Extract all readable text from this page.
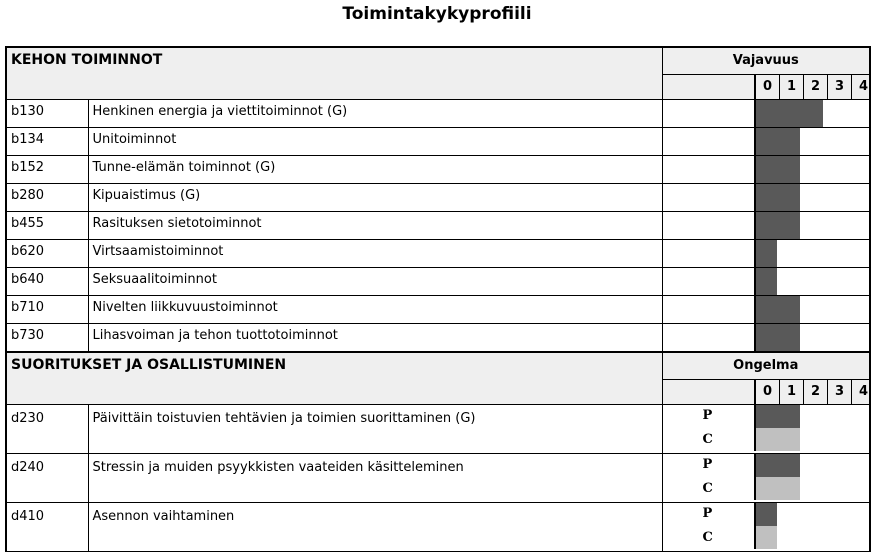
Toimintakykyprofiili
KEHON TOIMINNOT		Vajavuus	

			0 1 2 3 4

b130	Henkinen energia ja viettitoiminnot (G)		

b134	Unitoiminnot		

b152	Tunne-elämän toiminnot (G)		

b280	Kipuaistimus (G)		

b455	Rasituksen sietotoiminnot		

b620	Virtsaamistoiminnot		

b640	Seksuaalitoiminnot		

b710	Nivelten liikkuvuustoiminnot		

b730	Lihasvoiman ja tehon tuottotoiminnot		

SUORITUKSET JA OSALLISTUMINEN		Ongelma	

			0 1 2 3 4

d230	Päivittäin toistuvien tehtävien ja toimien suorittaminen (G)	P
C	

d240	Stressin ja muiden psyykkisten vaateiden käsitteleminen	P
C	

d410	Asennon vaihtaminen	P
C	
